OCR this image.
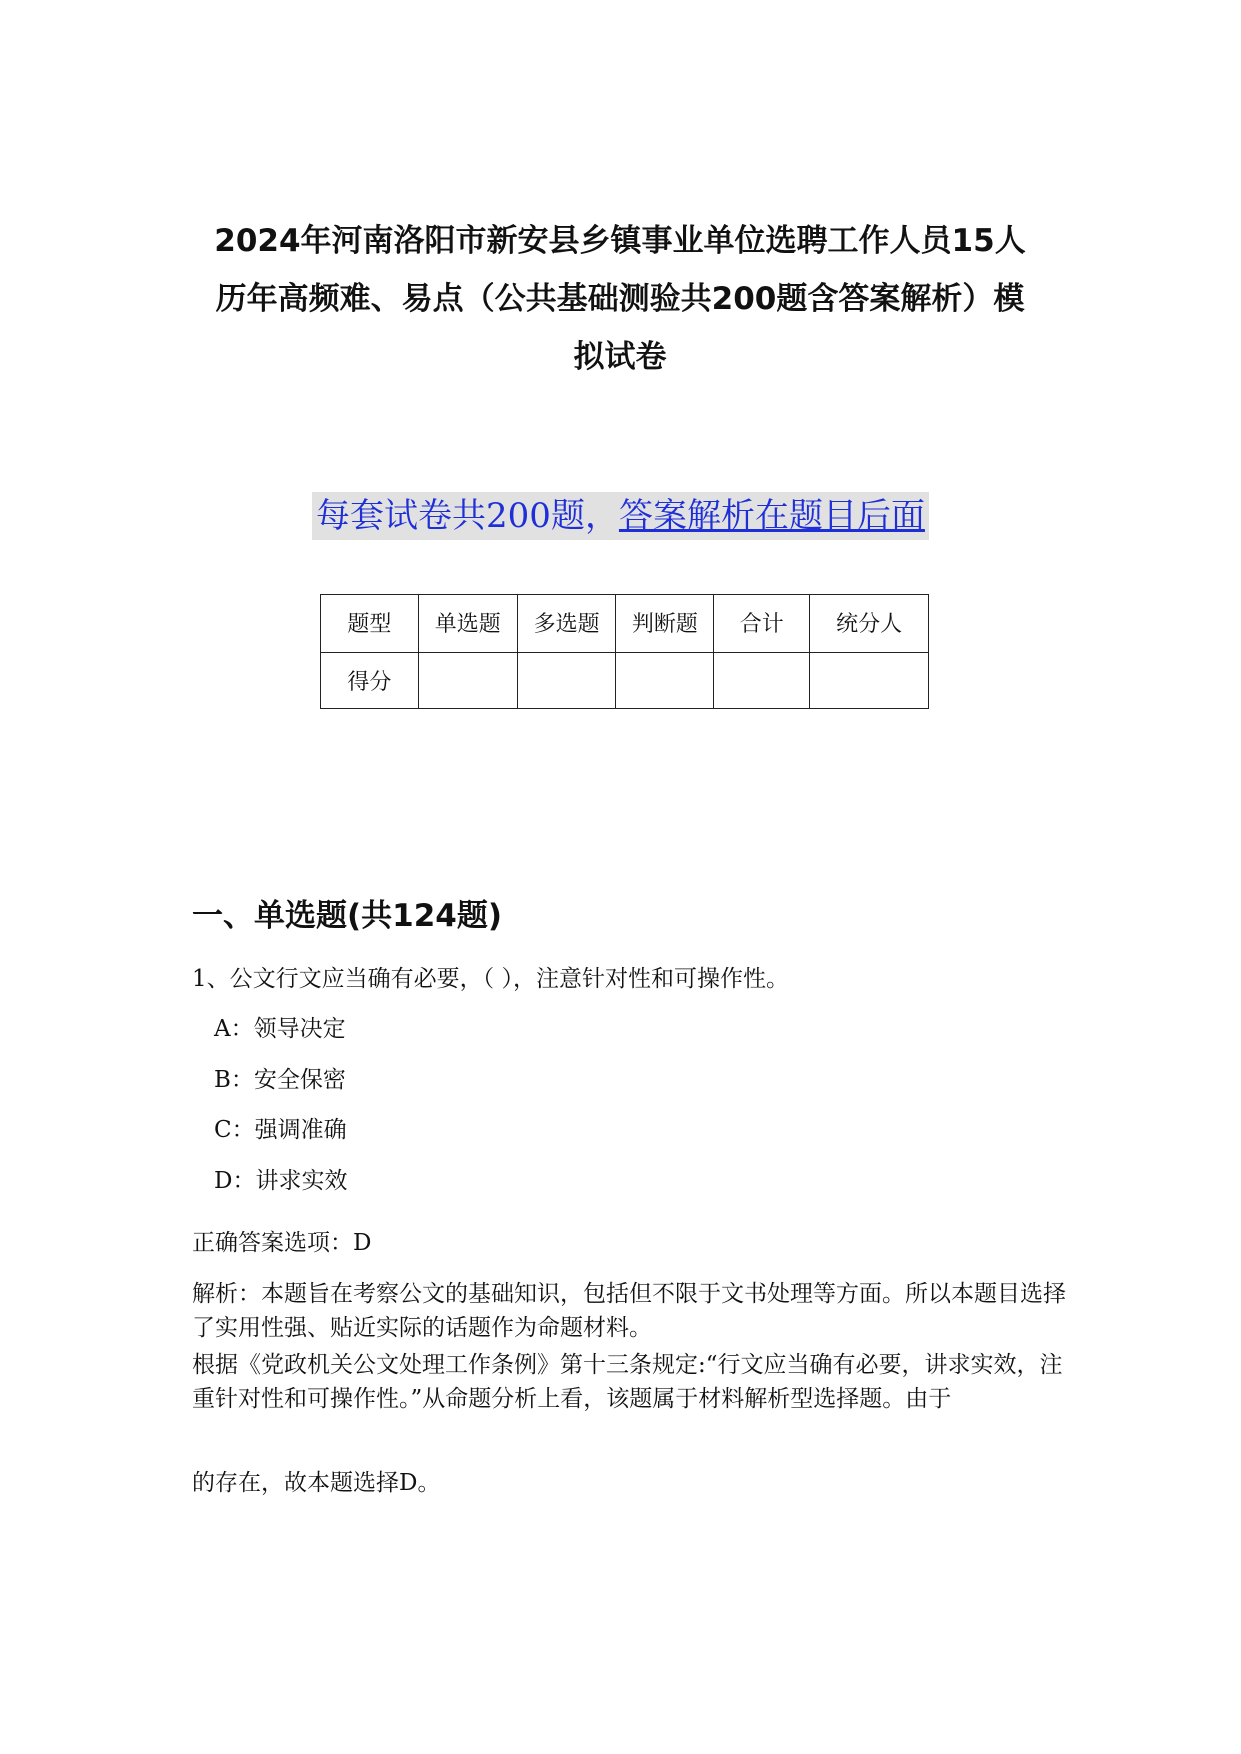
2024年河南洛阳市新安县乡镇事业单位选聘工作人员15人
历年高频难、易点（公共基础测验共200题含答案解析）模
拟试卷
每套试卷共200题，答案解析在题目后面
题型	单选题	多选题	判断题	合计	统分人
得分					
一、单选题(共124题)
1、公文行文应当确有必要，（ ），注意针对性和可操作性。
A：领导决定
B：安全保密
C：强调准确
D：讲求实效
正确答案选项：D
解析：本题旨在考察公文的基础知识，包括但不限于文书处理等方面。所以本题目选择了实用性强、贴近实际的话题作为命题材料。
根据《党政机关公文处理工作条例》第十三条规定:“行文应当确有必要，讲求实效，注重针对性和可操作性。”从命题分析上看，该题属于材料解析型选择题。由于
的存在，故本题选择D。
